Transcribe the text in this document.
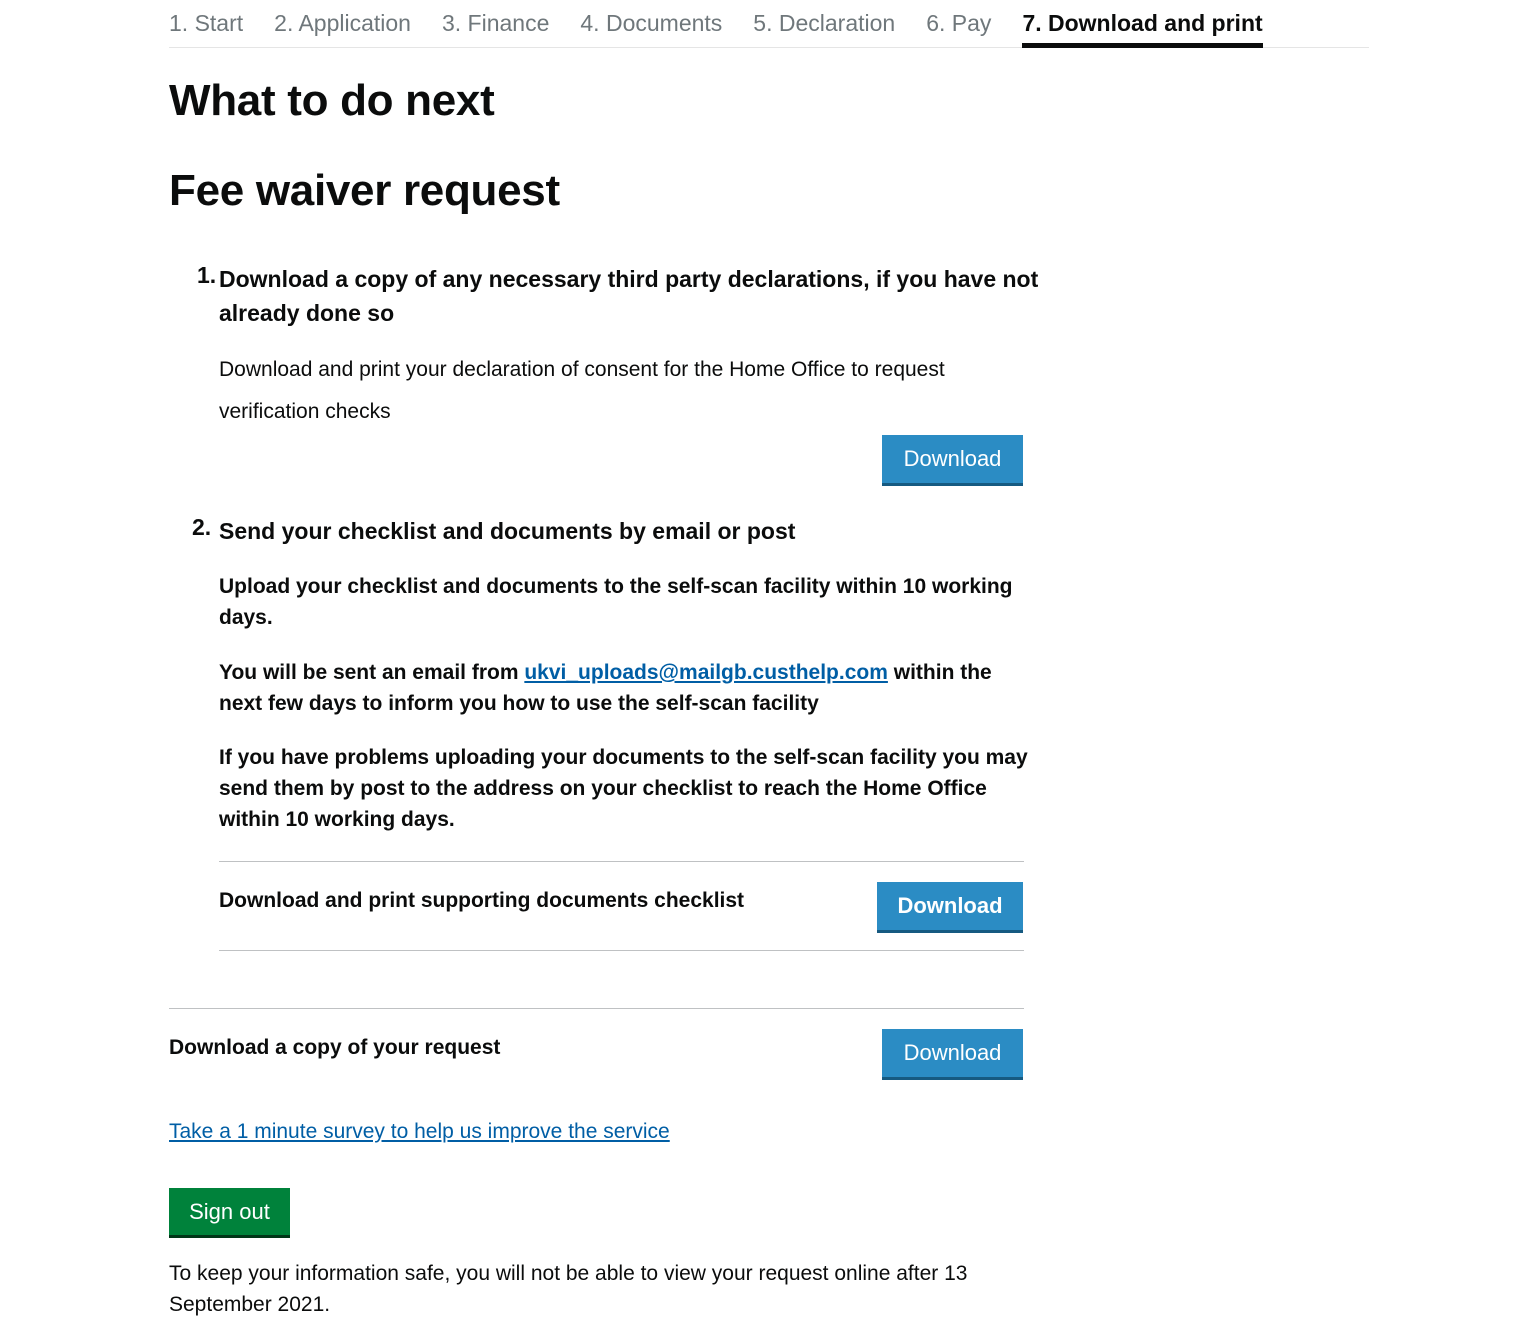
1. Start 2. Application 3. Finance 4. Documents 5. Declaration 6. Pay 7. Download and print
What to do next
Fee waiver request
1. Download a copy of any necessary third party declarations, if you have not already done so
Download and print your declaration of consent for the Home Office to request verification checks
Download
2. Send your checklist and documents by email or post
Upload your checklist and documents to the self-scan facility within 10 working days.
You will be sent an email from ukvi_uploads@mailgb.custhelp.com within the next few days to inform you how to use the self-scan facility
If you have problems uploading your documents to the self-scan facility you may send them by post to the address on your checklist to reach the Home Office within 10 working days.
Download and print supporting documents checklist	Download
Download a copy of your request	Download
Take a 1 minute survey to help us improve the service
Sign out
To keep your information safe, you will not be able to view your request online after 13 September 2021.
